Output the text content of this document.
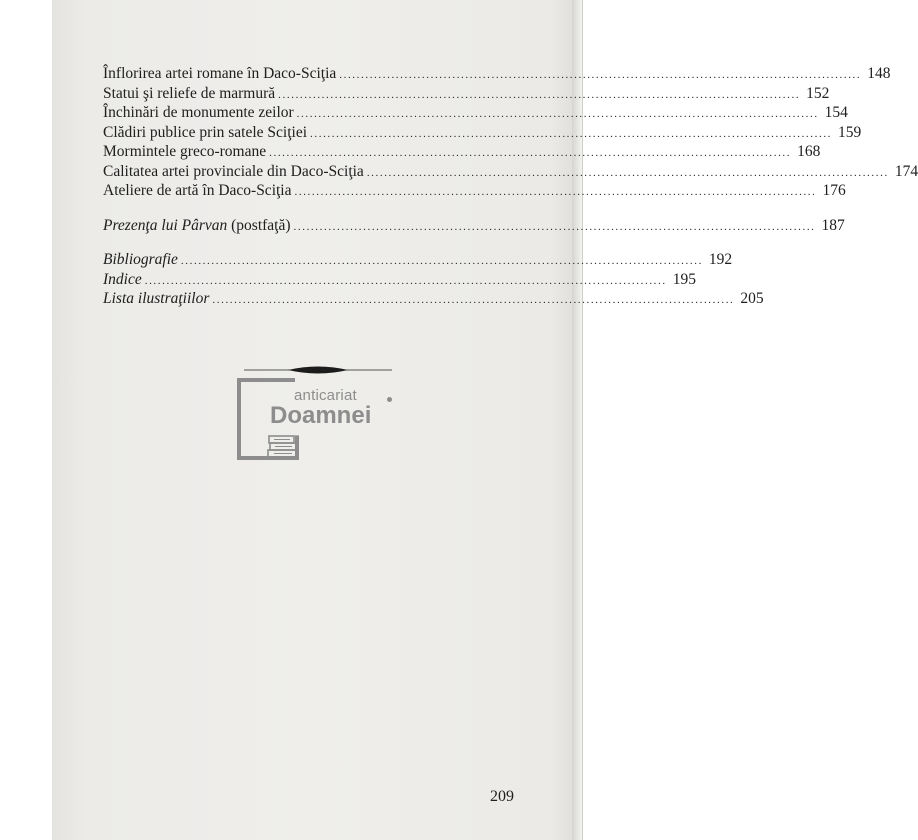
Înflorirea artei romane în Daco-Sciţia ........................................................................................................................ 148
Statui şi reliefe de marmură ........................................................................................................................ 152
Închinări de monumente zeilor ........................................................................................................................ 154
Clădiri publice prin satele Sciţiei ........................................................................................................................ 159
Mormintele greco-romane ........................................................................................................................ 168
Calitatea artei provinciale din Daco-Sciţia ........................................................................................................................ 174
Ateliere de artă în Daco-Sciţia ........................................................................................................................ 176
Prezenţa lui Pârvan (postfaţă) ........................................................................................................................ 187
Bibliografie ........................................................................................................................ 192
Indice ........................................................................................................................ 195
Lista ilustraţiilor ........................................................................................................................ 205
anticariat
Doamnei
209
